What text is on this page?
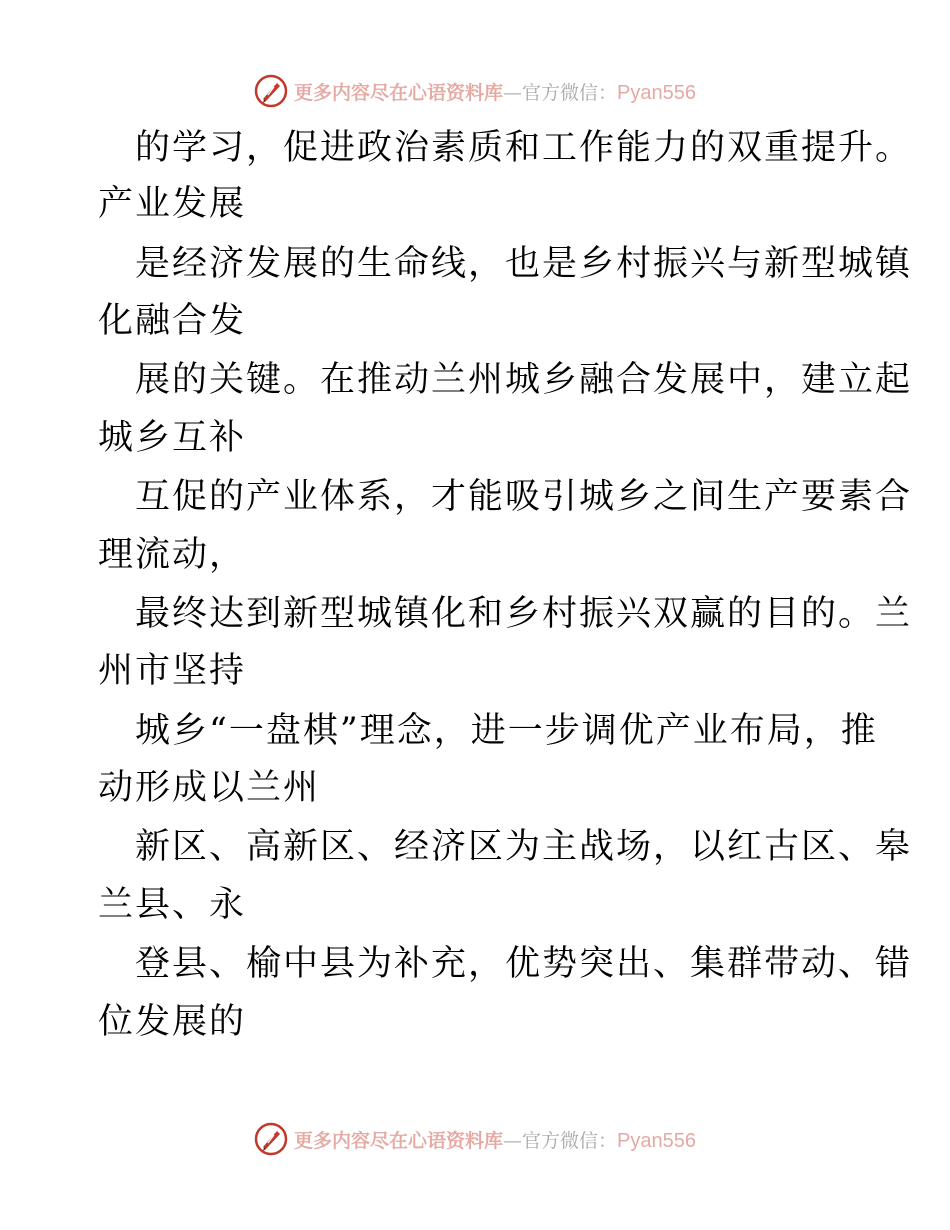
更多内容尽在心语资料库 — 官方微信： Pyan556
的学习，促进政治素质和工作能力的双重提升。
产业发展
是经济发展的生命线，也是乡村振兴与新型城镇
化融合发
展的关键。在推动兰州城乡融合发展中，建立起
城乡互补
互促的产业体系，才能吸引城乡之间生产要素合
理流动，
最终达到新型城镇化和乡村振兴双赢的目的。兰
州市坚持
城乡“一盘棋”理念，进一步调优产业布局，推
动形成以兰州
新区、高新区、经济区为主战场，以红古区、皋
兰县、永
登县、榆中县为补充，优势突出、集群带动、错
位发展的
更多内容尽在心语资料库 — 官方微信： Pyan556
